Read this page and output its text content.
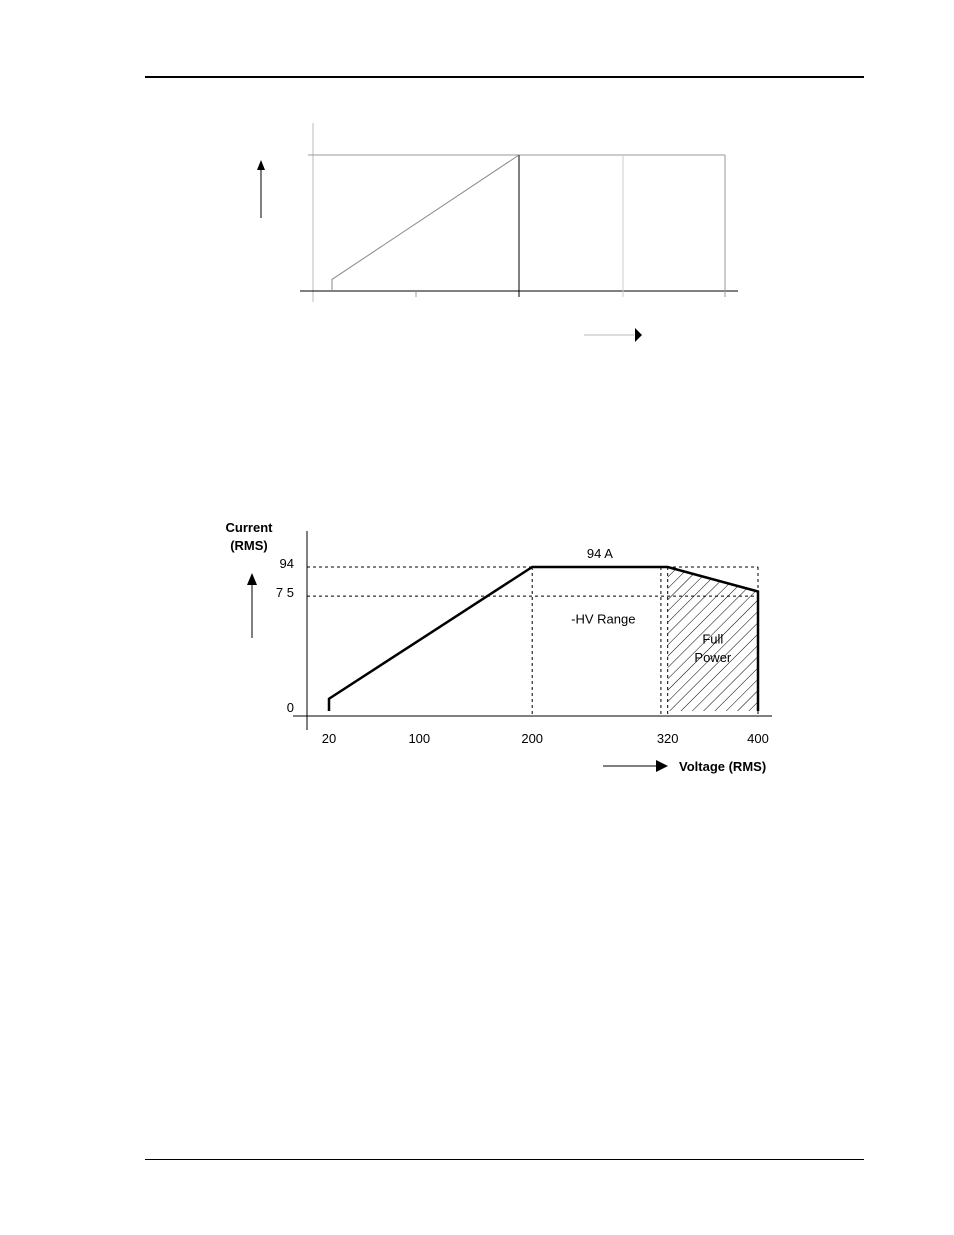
20	100	200	320	400
0
7 5
94
94 A
-HV Range
Full
Power
Current
(RMS)
Voltage (RMS)
